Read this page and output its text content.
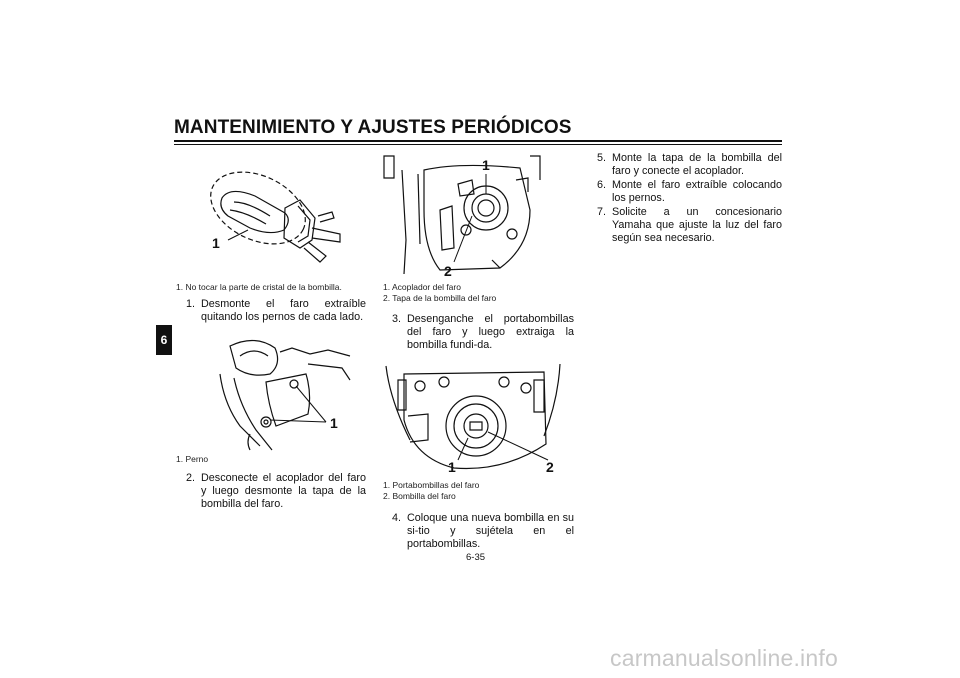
MANTENIMIENTO Y AJUSTES PERIÓDICOS
6
1
1. No tocar la parte de cristal de la bombilla.
1. Desmonte el faro extraíble quitando los pernos de cada lado.
1
1. Perno
2. Desconecte el acoplador del faro y luego desmonte la tapa de la bombilla del faro.
1
2
1. Acoplador del faro
2. Tapa de la bombilla del faro
3. Desenganche el portabombillas del faro y luego extraiga la bombilla fundi-da.
1	2
1. Portabombillas del faro
2. Bombilla del faro
4. Coloque una nueva bombilla en su si-tio y sujétela en el portabombillas.
5. Monte la tapa de la bombilla del faro y conecte el acoplador.
6. Monte el faro extraíble colocando los pernos.
7. Solicite a un concesionario Yamaha que ajuste la luz del faro según sea necesario.
6-35
carmanualsonline.info
